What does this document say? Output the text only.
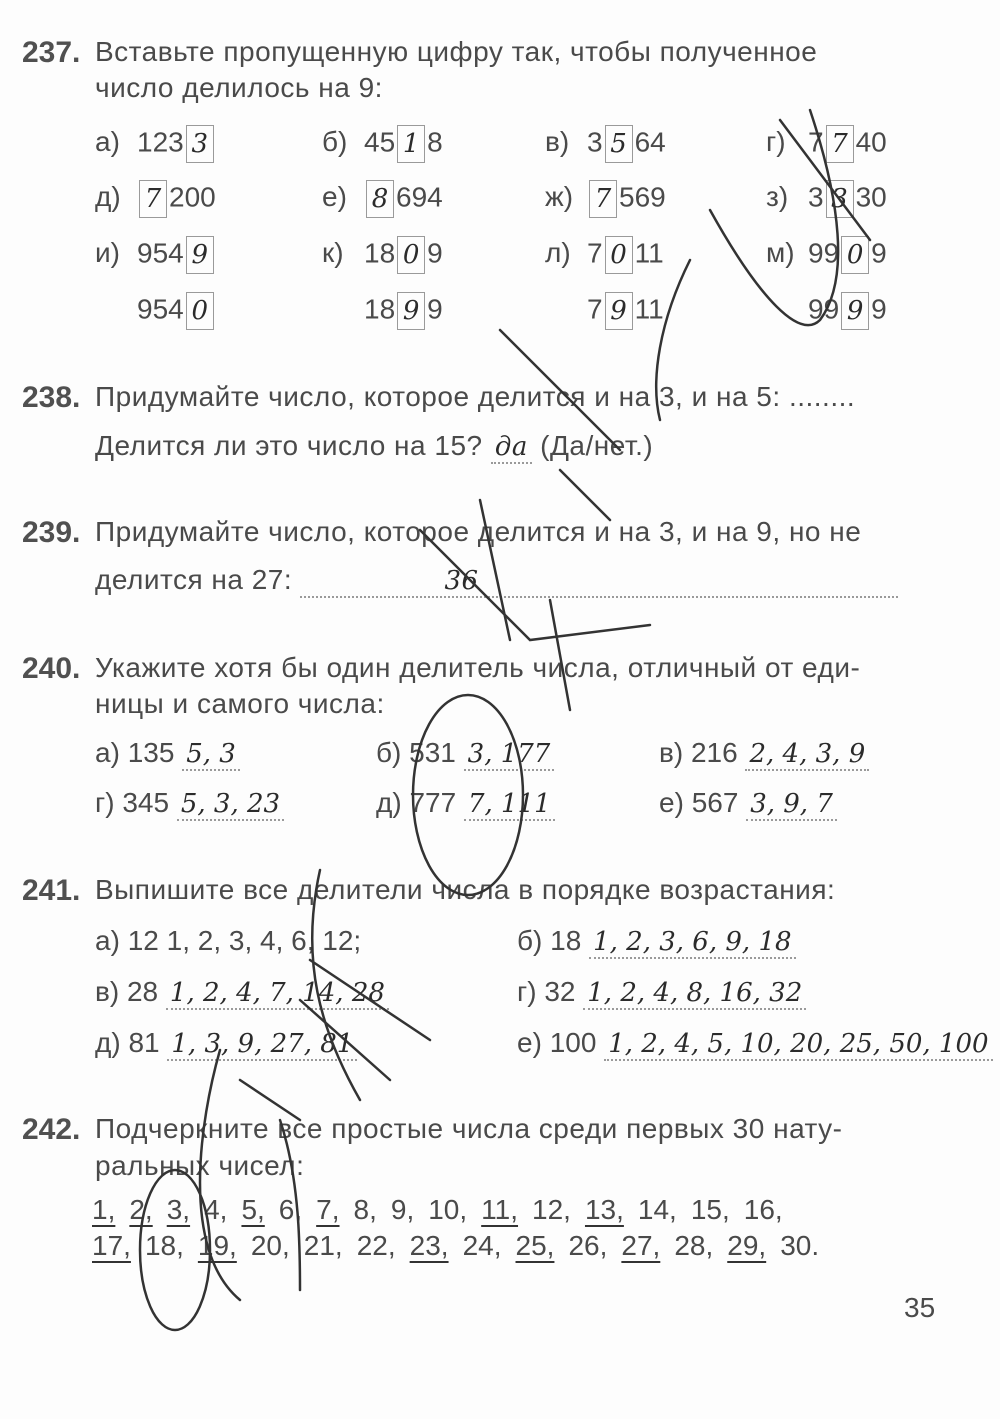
237. Вставьте пропущенную цифру так, чтобы полученное
число делилось на 9:
а) 123 3	б) 45 1 8	в) 3 5 64	г) 7 7 40
д) 7 200	е) 8 694	ж) 7 569	з) 3 3 30
и) 954 9	к) 18 0 9	л) 7 0 11	м) 99 0 9
954 0	18 9 9	7 9 11	99 9 9
238. Придумайте число, которое делится и на 3, и на 5: ........
Делится ли это число на 15? да (Да/нет.)
239. Придумайте число, которое делится и на 3, и на 9, но не
делится на 27:	36
240. Укажите хотя бы один делитель числа, отличный от еди-
ницы и самого числа:
а) 135 5, 3	б) 531 3, 177	в) 216 2, 4, 3, 9
г) 345 5, 3, 23	д) 777 7, 111	е) 567 3, 9, 7
241. Выпишите все делители числа в порядке возрастания:
а) 12 1, 2, 3, 4, 6, 12;	б) 18 1, 2, 3, 6, 9, 18
в) 28 1, 2, 4, 7, 14, 28	г) 32 1, 2, 4, 8, 16, 32
д) 81 1, 3, 9, 27, 81	е) 100 1, 2, 4, 5, 10, 20, 25, 50, 100
242. Подчеркните все простые числа среди первых 30 нату-
ральных чисел:
1, 2, 3, 4, 5, 6, 7, 8, 9, 10, 11, 12, 13, 14, 15, 16,
17, 18, 19, 20, 21, 22, 23, 24, 25, 26, 27, 28, 29, 30.
35
